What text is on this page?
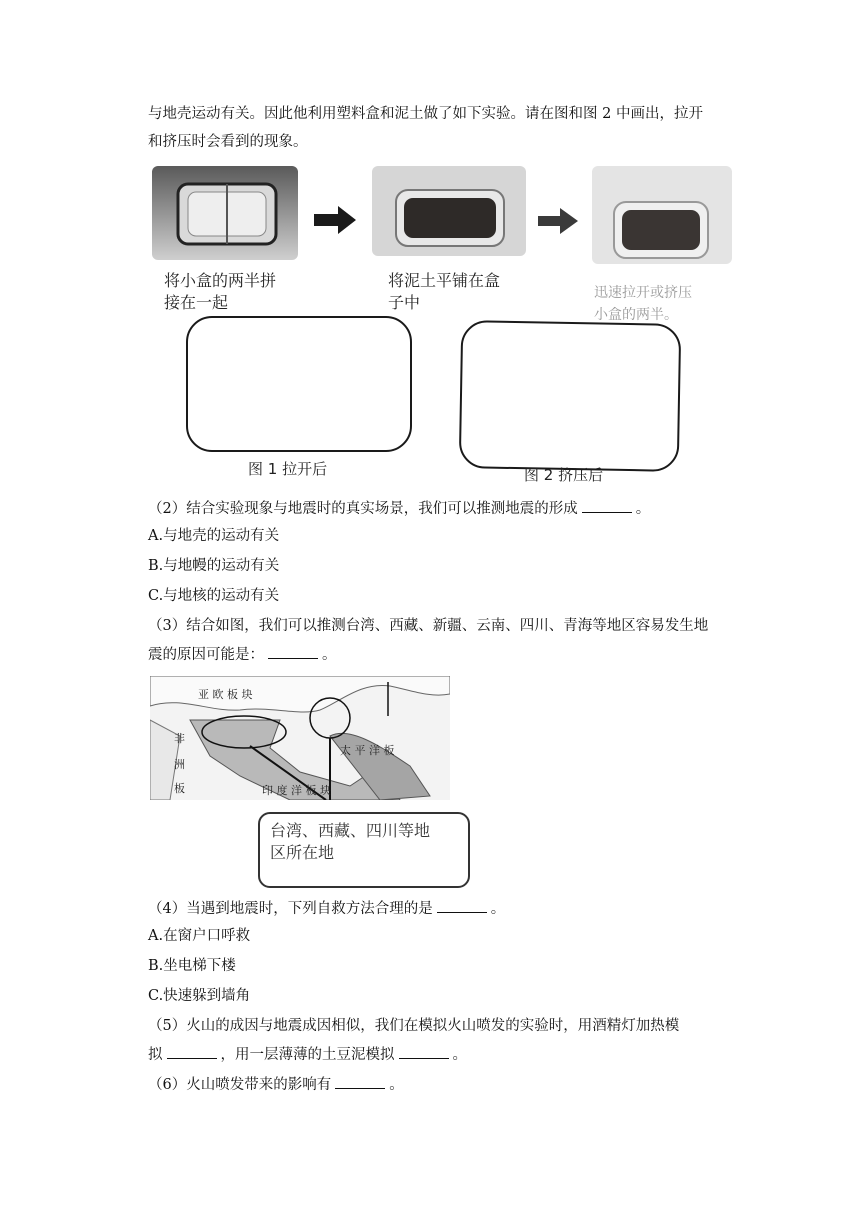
与地壳运动有关。因此他利用塑料盒和泥土做了如下实验。请在图和图 2 中画出，拉开
和挤压时会看到的现象。
将小盒的两半拼
接在一起
将泥土平铺在盒
子中	迅速拉开或挤压
小盒的两半。
图 1 拉开后	图 2 挤压后
（2）结合实验现象与地震时的真实场景，我们可以推测地震的形成	。
A.与地壳的运动有关
B.与地幔的运动有关
C.与地核的运动有关
（3）结合如图，我们可以推测台湾、西藏、新疆、云南、四川、青海等地区容易发生地
震的原因可能是：	。
亚 欧 板 块
非
洲
板
太 平 洋 板
印 度 洋 板 块
台湾、西藏、四川等地
区所在地
（4）当遇到地震时，下列自救方法合理的是	。
A.在窗户口呼救
B.坐电梯下楼
C.快速躲到墙角
（5）火山的成因与地震成因相似，我们在模拟火山喷发的实验时，用酒精灯加热模
拟	，用一层薄薄的土豆泥模拟	。
（6）火山喷发带来的影响有	。
